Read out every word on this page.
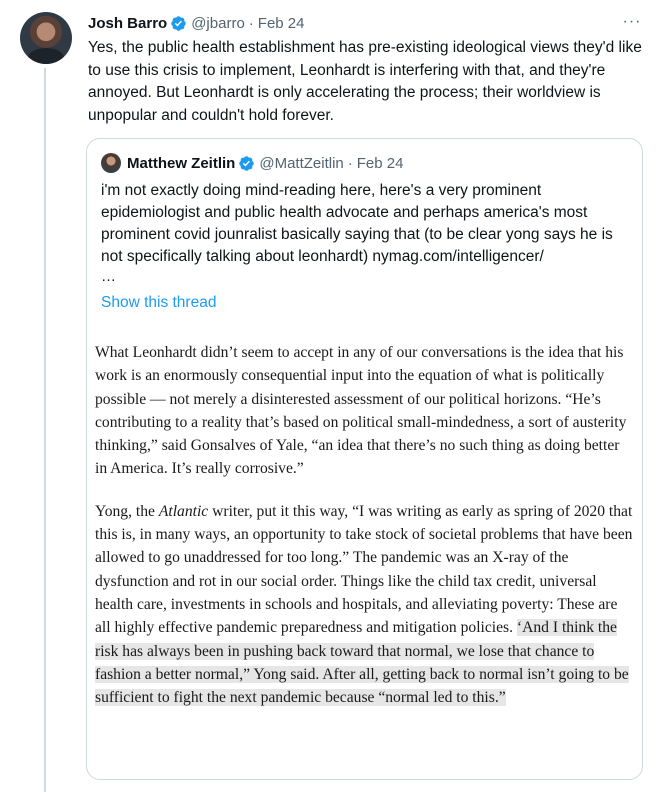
Josh Barro @jbarro · Feb 24	···
Yes, the public health establishment has pre-existing ideological views they'd like to use this crisis to implement, Leonhardt is interfering with that, and they're annoyed. But Leonhardt is only accelerating the process; their worldview is unpopular and couldn't hold forever.
Matthew Zeitlin @MattZeitlin · Feb 24
i'm not exactly doing mind-reading here, here's a very prominent epidemiologist and public health advocate and perhaps america's most prominent covid jounralist basically saying that (to be clear yong says he is not specifically talking about leonhardt) nymag.com/intelligencer/
…
Show this thread

What Leonhardt didn’t seem to accept in any of our conversations is the idea that his work is an enormously consequential input into the equation of what is politically possible — not merely a disinterested assessment of our political horizons. “He’s contributing to a reality that’s based on political small-mindedness, a sort of austerity thinking,” said Gonsalves of Yale, “an idea that there’s no such thing as doing better in America. It’s really corrosive.”

Yong, the Atlantic writer, put it this way, “I was writing as early as spring of 2020 that this is, in many ways, an opportunity to take stock of societal problems that have been allowed to go unaddressed for too long.” The pandemic was an X-ray of the dysfunction and rot in our social order. Things like the child tax credit, universal health care, investments in schools and hospitals, and alleviating poverty: These are all highly effective pandemic preparedness and mitigation policies. ‘And I think the risk has always been in pushing back toward that normal, we lose that chance to fashion a better normal,” Yong said. After all, getting back to normal isn’t going to be sufficient to fight the next pandemic because “normal led to this.”
